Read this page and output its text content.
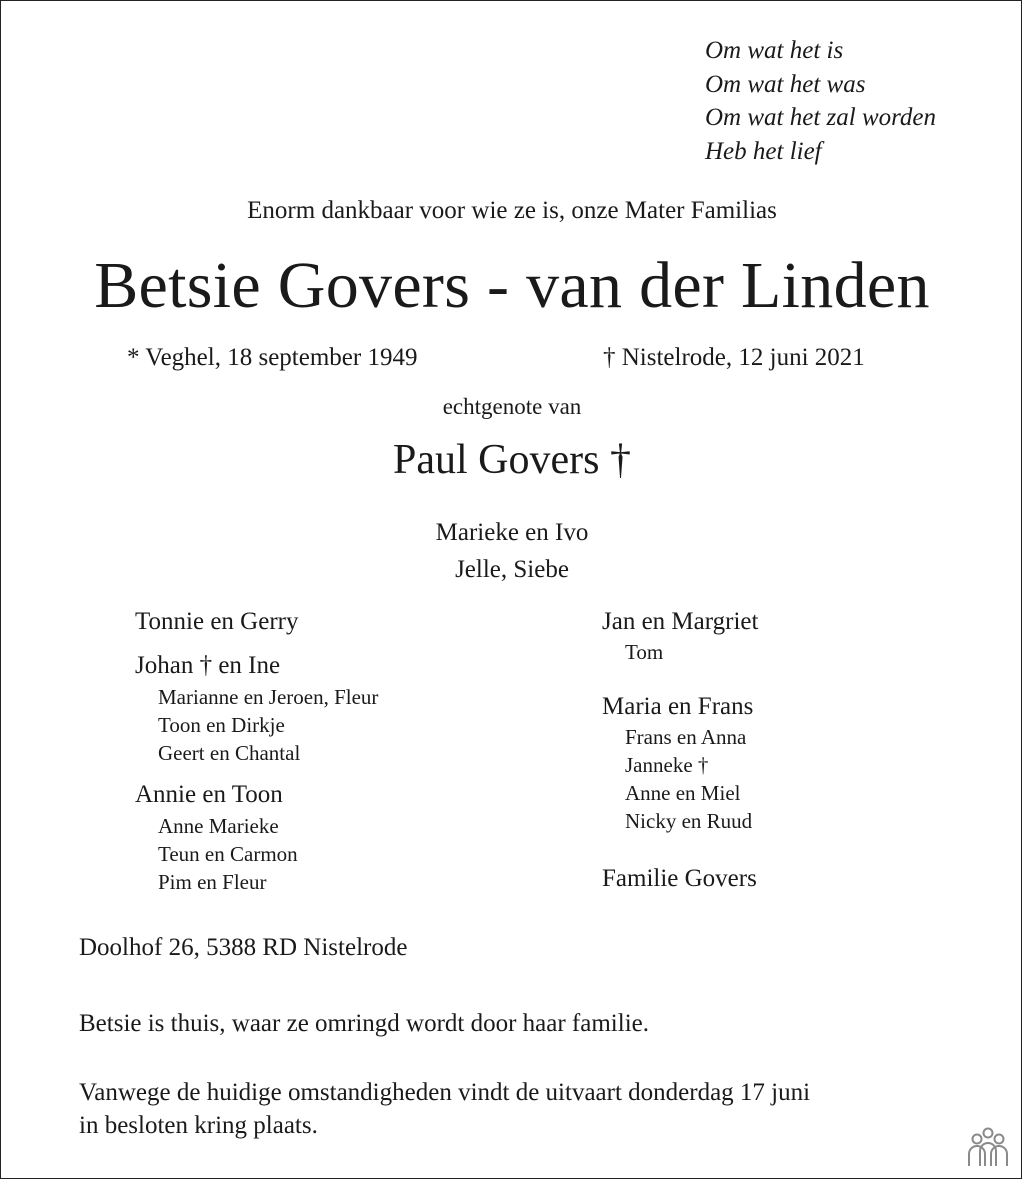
Om wat het is
Om wat het was
Om wat het zal worden
Heb het lief
Enorm dankbaar voor wie ze is, onze Mater Familias
Betsie Govers - van der Linden
* Veghel, 18 september 1949	† Nistelrode, 12 juni 2021
echtgenote van
Paul Govers †
Marieke en Ivo
Jelle, Siebe
Tonnie en Gerry
Johan † en Ine
Marianne en Jeroen, Fleur
Toon en Dirkje
Geert en Chantal
Annie en Toon
Anne Marieke
Teun en Carmon
Pim en Fleur
Jan en Margriet
Tom
Maria en Frans
Frans en Anna
Janneke †
Anne en Miel
Nicky en Ruud
Familie Govers
Doolhof 26, 5388 RD Nistelrode
Betsie is thuis, waar ze omringd wordt door haar familie.
Vanwege de huidige omstandigheden vindt de uitvaart donderdag 17 juni
in besloten kring plaats.
